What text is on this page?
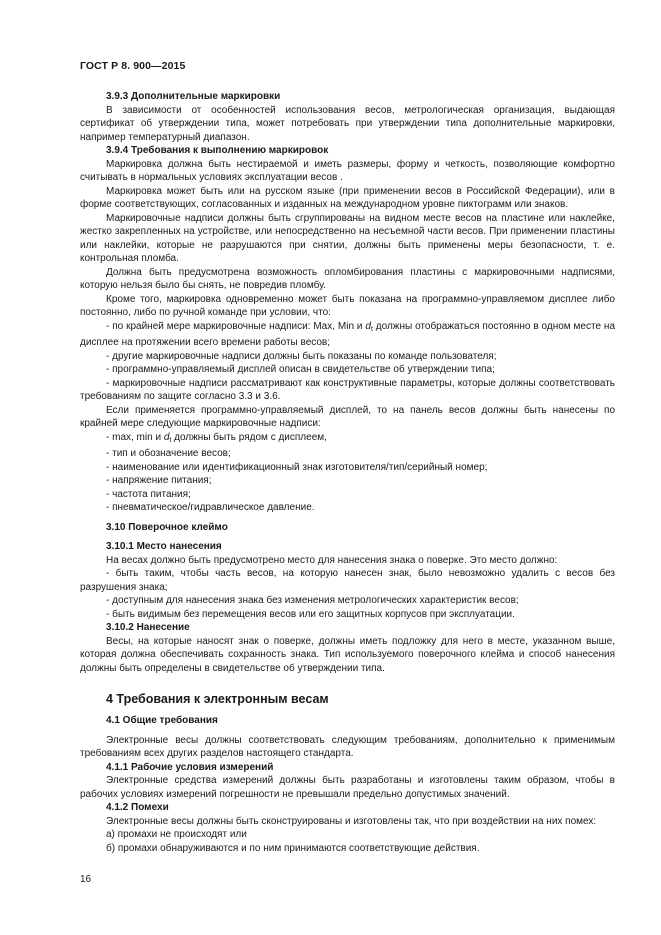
ГОСТ Р 8. 900—2015

3.9.3 Дополнительные маркировки

В зависимости от особенностей использования весов, метрологическая организация, выдающая сертификат об утверждении типа, может потребовать при утверждении типа дополнительные маркировки, например температурный диапазон.

3.9.4 Требования к выполнению маркировок

Маркировка должна быть нестираемой и иметь размеры, форму и четкость, позволяющие комфортно считывать в нормальных условиях эксплуатации весов .

Маркировка может быть или на русском языке (при применении весов в Российской Федерации), или в форме соответствующих, согласованных и изданных на международном уровне пиктограмм или знаков.

Маркировочные надписи должны быть сгруппированы на видном месте весов на пластине или наклейке, жестко закрепленных на устройстве, или непосредственно на несъемной части весов. При применении пластины или наклейки, которые не разрушаются при снятии, должны быть применены меры безопасности, т. е. контрольная пломба.

Должна быть предусмотрена возможность опломбирования пластины с маркировочными надписями, которую нельзя было бы снять, не повредив пломбу.

Кроме того, маркировка одновременно может быть показана на программно-управляемом дисплее либо постоянно, либо по ручной команде при условии, что:

- по крайней мере маркировочные надписи: Max, Min и $d_t$ должны отображаться постоянно в одном месте на дисплее на протяжении всего времени работы весов;

- другие маркировочные надписи должны быть показаны по команде пользователя;

- программно-управляемый дисплей описан в свидетельстве об утверждении типа;

- маркировочные надписи рассматривают как конструктивные параметры, которые должны соответствовать требованиям по защите согласно 3.3 и 3.6.

Если применяется программно-управляемый дисплей, то на панель весов должны быть нанесены по крайней мере следующие маркировочные надписи:

- max, min и $d_t$ должны быть рядом с дисплеем,

- тип и обозначение весов;

- наименование или идентификационный знак изготовителя/тип/серийный номер;

- напряжение питания;

- частота питания;

- пневматическое/гидравлическое давление.

3.10 Поверочное клеймо

3.10.1 Место нанесения

На весах должно быть предусмотрено место для нанесения знака о поверке. Это место должно:

- быть таким, чтобы часть весов, на которую нанесен знак, было невозможно удалить с весов без разрушения знака;

- доступным для нанесения знака без изменения метрологических характеристик весов;

- быть видимым без перемещения весов или его защитных корпусов при эксплуатации.

3.10.2 Нанесение

Весы, на которые наносят знак о поверке, должны иметь подложку для него в месте, указанном выше, которая должна обеспечивать сохранность знака. Тип используемого поверочного клейма и способ нанесения должны быть определены в свидетельстве об утверждении типа.

4 Требования к электронным весам

4.1 Общие требования

Электронные весы должны соответствовать следующим требованиям, дополнительно к применимым требованиям всех других разделов настоящего стандарта.

4.1.1 Рабочие условия измерений

Электронные средства измерений должны быть разработаны и изготовлены таким образом, чтобы в рабочих условиях измерений погрешности не превышали предельно допустимых значений.

4.1.2 Помехи

Электронные весы должны быть сконструированы и изготовлены так, что при воздействии на них помех:

а) промахи не происходят или

б) промахи обнаруживаются и по ним принимаются соответствующие действия.

16
